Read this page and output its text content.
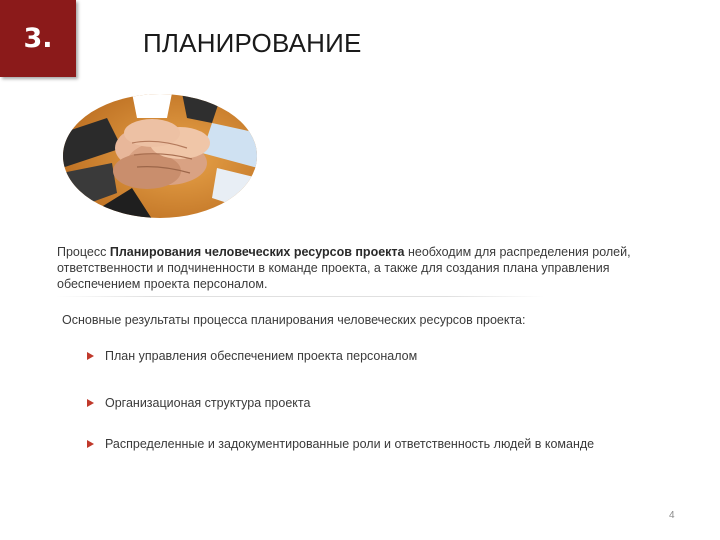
3.	ПЛАНИРОВАНИЕ
Процесс Планирования человеческих ресурсов проекта необходим для распределения ролей, ответственности и подчиненности в команде проекта, а также для создания плана управления обеспечением проекта персоналом.
Основные результаты процесса планирования человеческих ресурсов проекта:
План управления обеспечением проекта персоналом
Организационая структура проекта
Распределенные и задокументированные роли и ответственность людей в команде
4
